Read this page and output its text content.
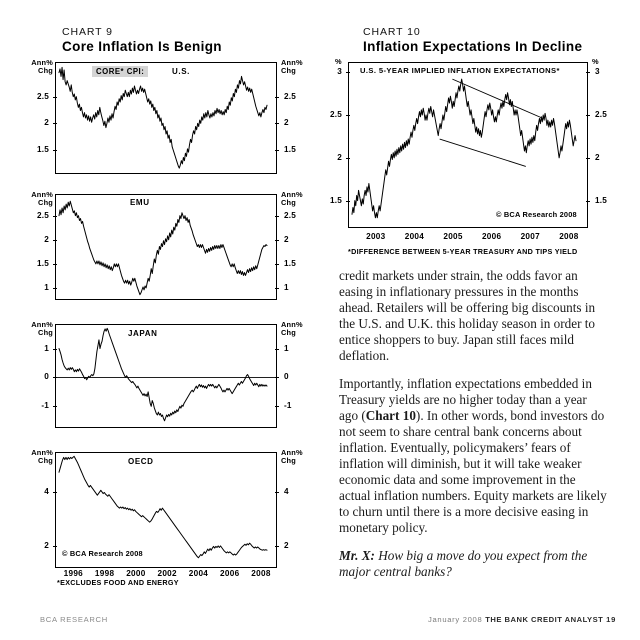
CHART 9
Core Inflation Is Benign
Ann%
Chg
Ann%
Chg
CORE* CPI:	U.S.
Ann%
Chg
Ann%
Chg
EMU
Ann%
Chg
Ann%
Chg
JAPAN
Ann%
Chg
Ann%
Chg
OECD
© BCA Research 2008
1.5	1.5
2	2
2.5	2.5
1	1
1.5	1.5
2	2
2.5	2.5
-1	-1
0	0
1	1
2	2
4	4
1996 1998 2000 2002 2004 2006 2008
*EXCLUDES FOOD AND ENERGY
CHART 10
Inflation Expectations In Decline
%	%
U.S. 5-YEAR IMPLIED INFLATION EXPECTATIONS*
© BCA Research 2008
1.5	1.5
2	2
2.5	2.5
3	3
2003 2004 2005 2006 2007 2008
*DIFFERENCE BETWEEN 5-YEAR TREASURY AND TIPS YIELD

credit markets under strain, the odds favor an easing in inflationary pressures in the months ahead. Retailers will be offering big discounts in the U.S. and U.K. this holiday season in order to entice shoppers to buy. Japan still faces mild deflation.

Importantly, inflation expectations embedded in Treasury yields are no higher today than a year ago (Chart 10). In other words, bond investors do not seem to share central bank concerns about inflation. Eventually, policymakers’ fears of inflation will diminish, but it will take weaker economic data and some improvement in the actual inflation numbers. Equity markets are likely to churn until there is a more decisive easing in monetary policy.

Mr. X: How big a move do you expect from the major central banks?

BCA RESEARCH	January 2008 THE BANK CREDIT ANALYST 19
